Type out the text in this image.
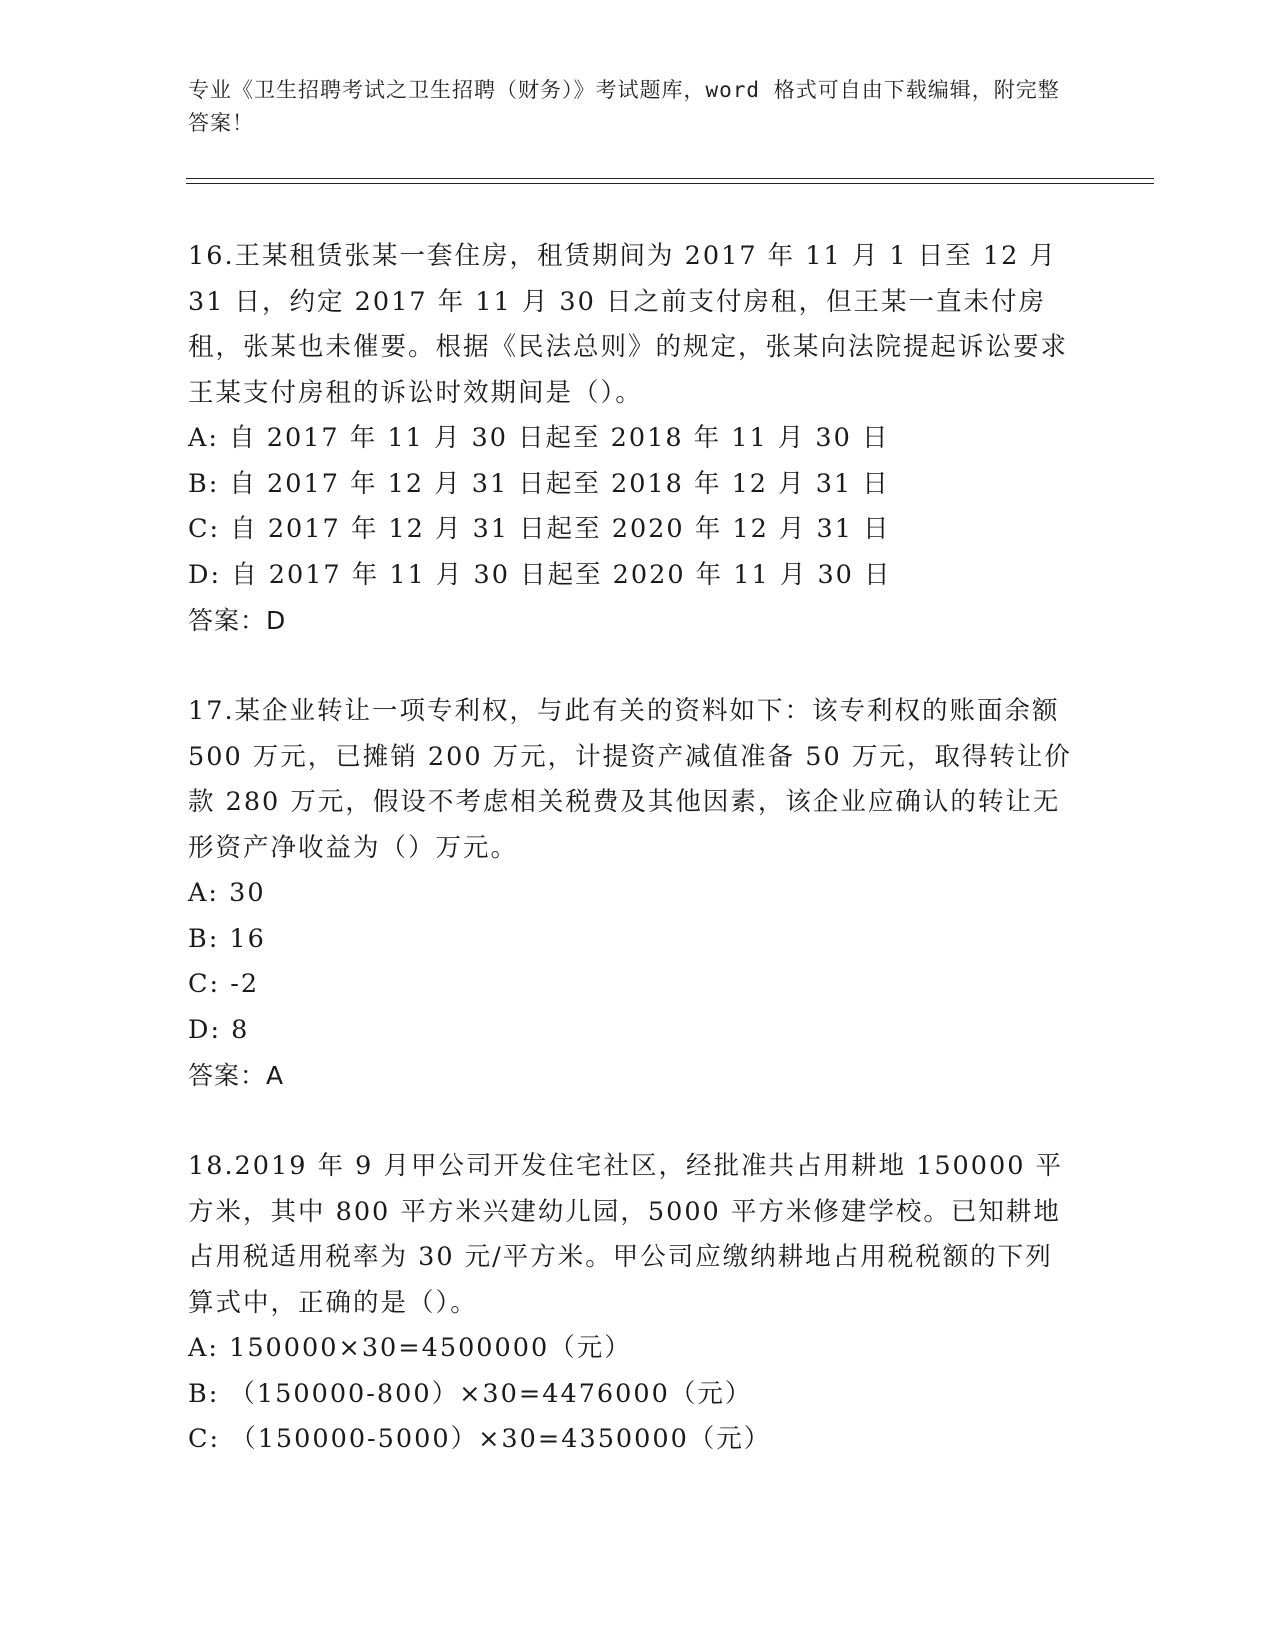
专业《卫生招聘考试之卫生招聘（财务）》考试题库，word 格式可自由下载编辑，附完整答案！
16.王某租赁张某一套住房，租赁期间为 2017 年 11 月 1 日至 12 月 31 日，约定 2017 年 11 月 30 日之前支付房租，但王某一直未付房租，张某也未催要。根据《民法总则》的规定，张某向法院提起诉讼要求王某支付房租的诉讼时效期间是（）。
A: 自 2017 年 11 月 30 日起至 2018 年 11 月 30 日
B: 自 2017 年 12 月 31 日起至 2018 年 12 月 31 日
C: 自 2017 年 12 月 31 日起至 2020 年 12 月 31 日
D: 自 2017 年 11 月 30 日起至 2020 年 11 月 30 日
答案：D
17.某企业转让一项专利权，与此有关的资料如下：该专利权的账面余额 500 万元，已摊销 200 万元，计提资产减值准备 50 万元，取得转让价款 280 万元，假设不考虑相关税费及其他因素，该企业应确认的转让无形资产净收益为（）万元。
A: 30
B: 16
C: -2
D: 8
答案：A
18.2019 年 9 月甲公司开发住宅社区，经批准共占用耕地 150000 平方米，其中 800 平方米兴建幼儿园，5000 平方米修建学校。已知耕地占用税适用税率为 30 元/平方米。甲公司应缴纳耕地占用税税额的下列算式中，正确的是（）。
A: 150000×30=4500000（元）
B: （150000-800）×30=4476000（元）
C: （150000-5000）×30=4350000（元）
